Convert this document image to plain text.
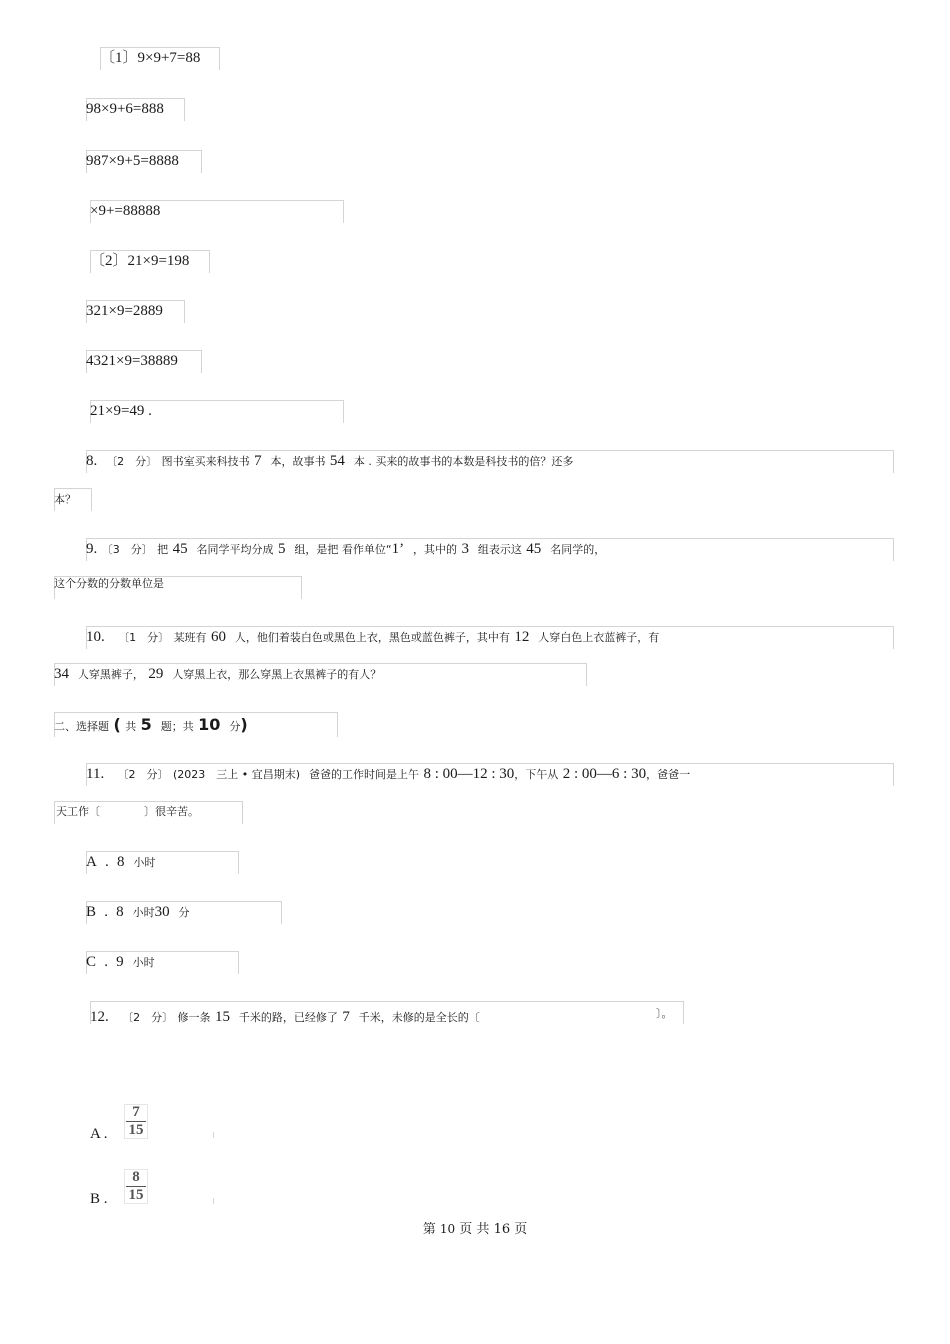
〔1〕9×9+7=88
98×9+6=888
987×9+5=8888
×9+=88888
〔2〕21×9=198
321×9=2889
4321×9=38889
21×9=49 .
8. 〔2　分〕 图书室买来科技书 7 本，故事书 54 本 . 买来的故事书的本数是科技书的倍？还多
本？
9. 〔3　分〕 把 45 名同学平均分成 5 组，是把 看作单位“1’ ，其中的 3 组表示这 45 名同学的，
这个分数的分数单位是
10. 〔1　分〕 某班有 60 人，他们着装白色或黑色上衣，黑色或蓝色裤子，其中有 12 人穿白色上衣蓝裤子，有
34 人穿黑裤子， 29 人穿黑上衣，那么穿黑上衣黑裤子的有人？
二、选择题 ( 共 5 题；共 10 分)
11. 〔2　分〕 (2023　三上 • 宜昌期末) 爸爸的工作时间是上午 8 : 00—12 : 30，下午从 2 : 00—6 : 30，爸爸一
天工作〔　　　　〕很辛苦。
A  .  8 小时
B  .  8 小时30 分
C  .  9 小时
12. 〔2　分〕 修一条 15 千米的路，已经修了 7 千米，未修的是全长的〔	〕。
A .
7
15
B .
8
15
第 10 页 共 16 页
